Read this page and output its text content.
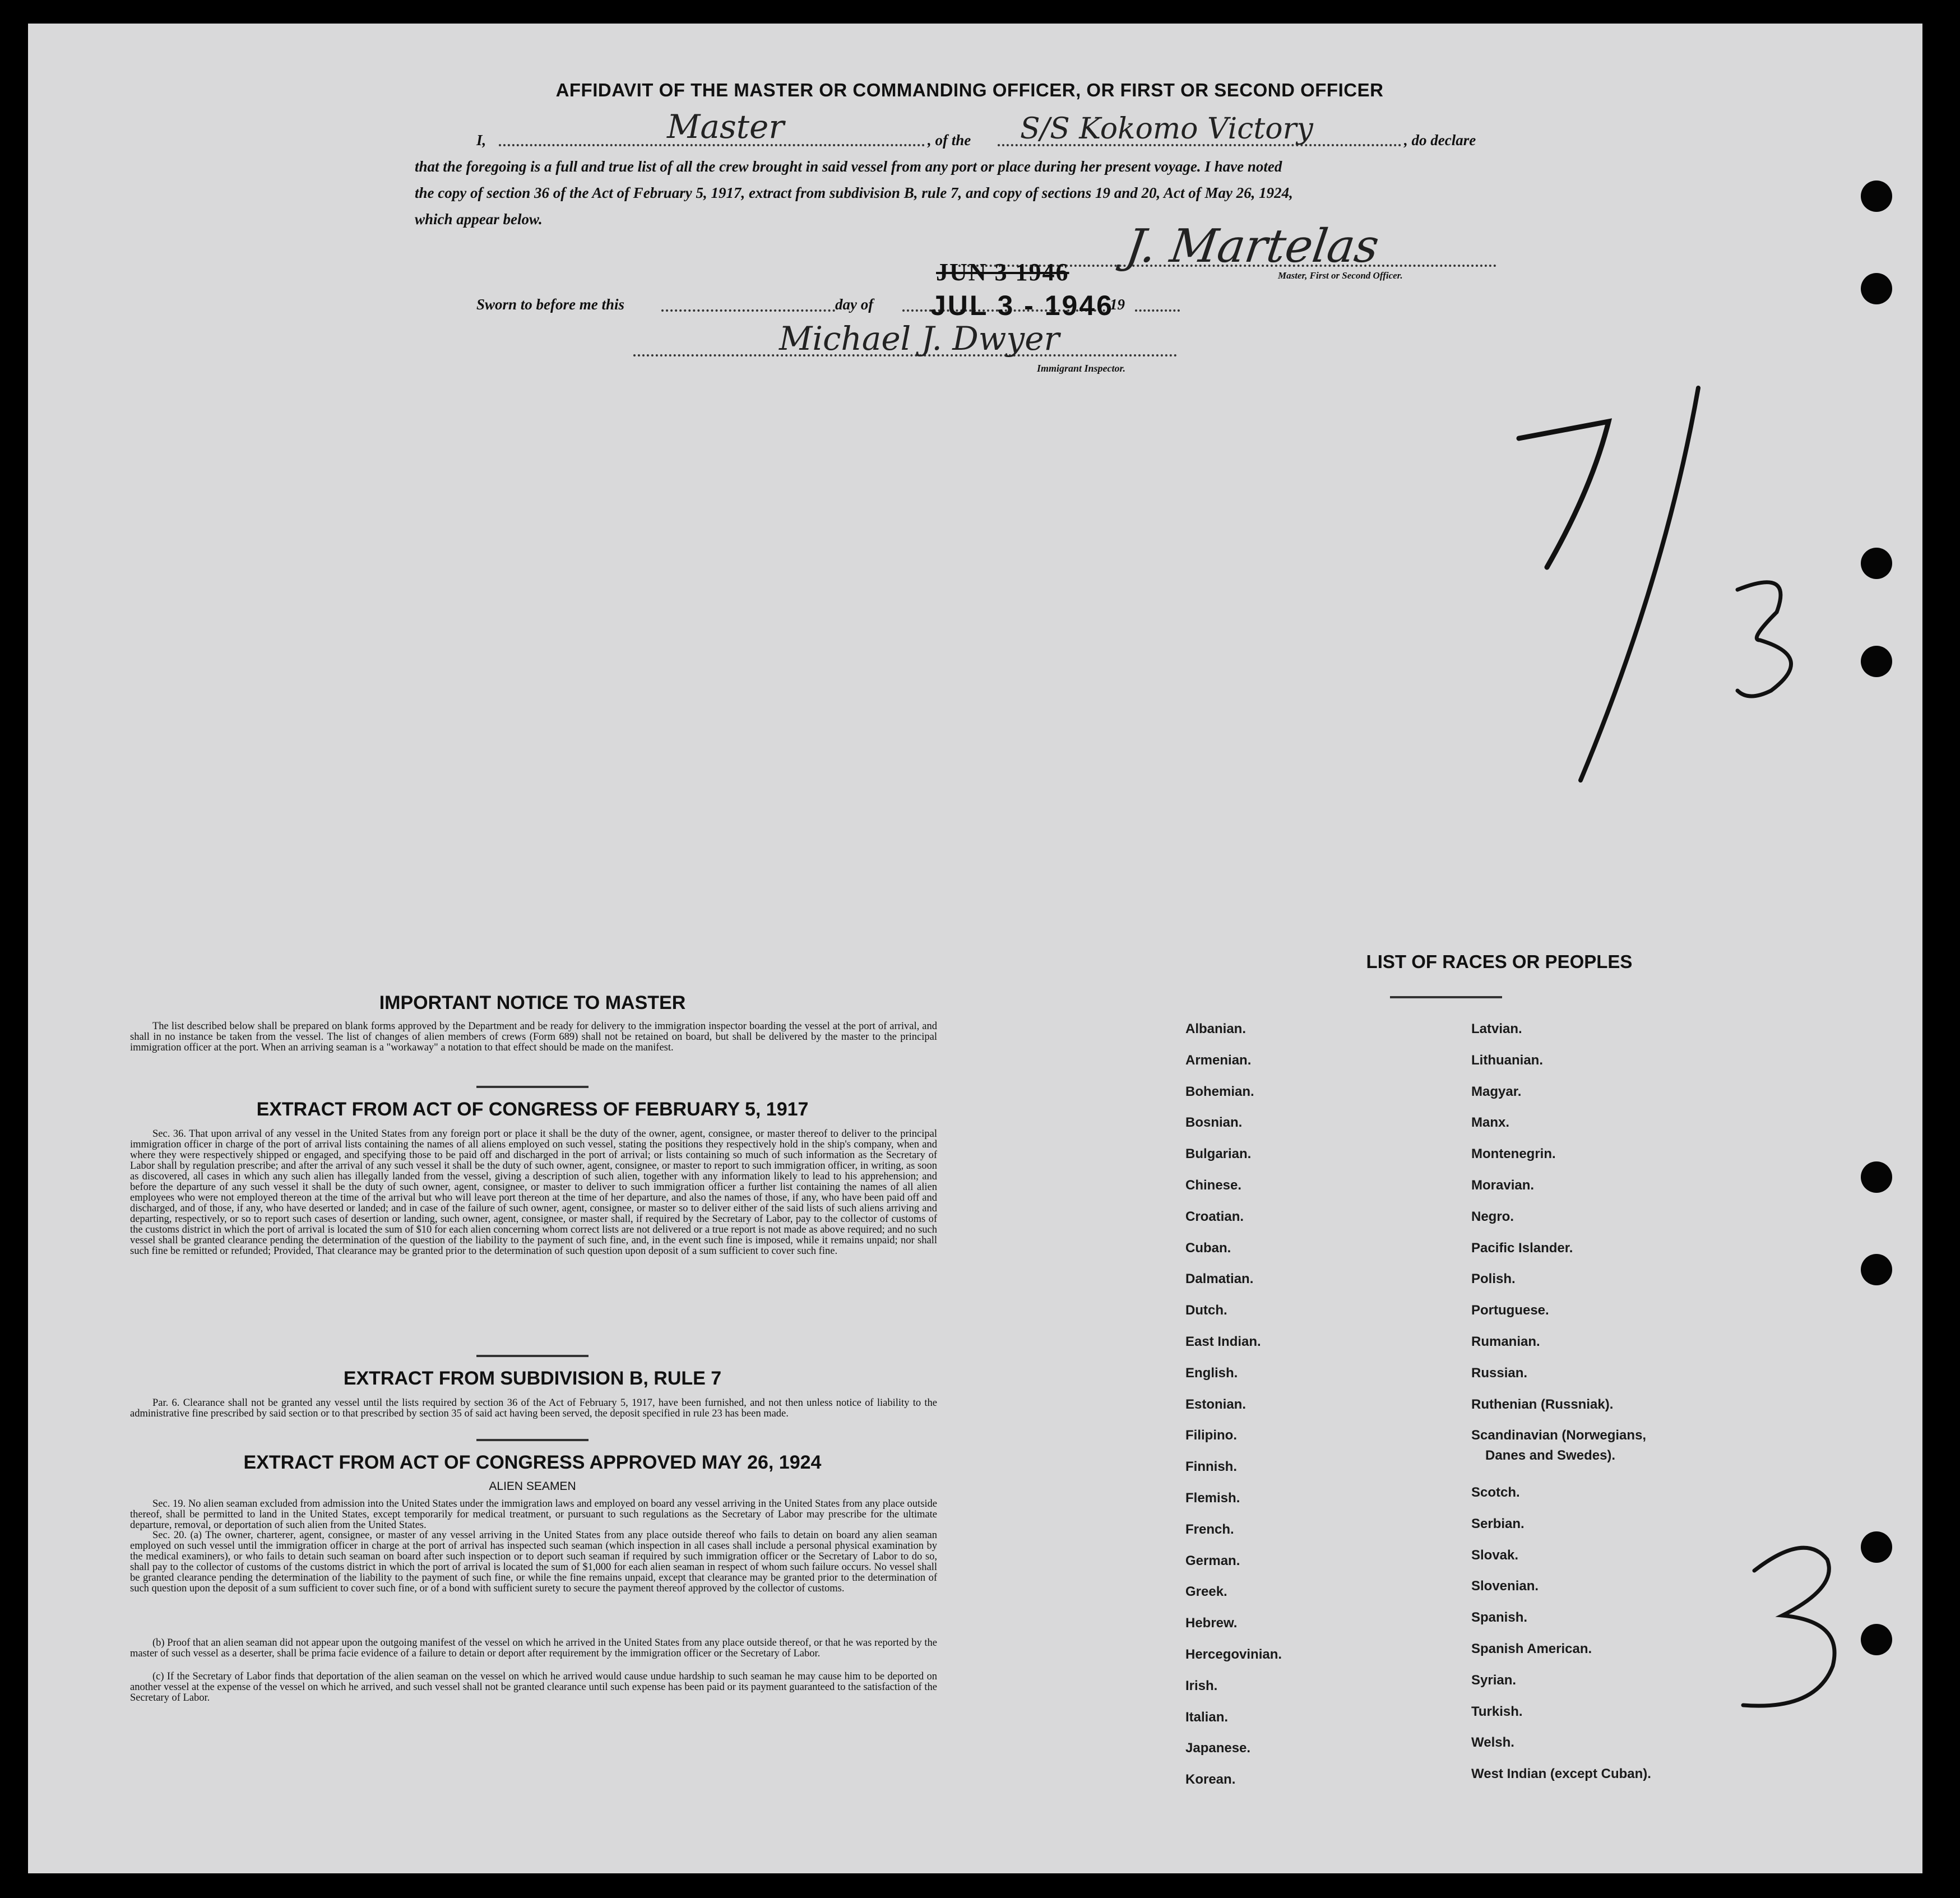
AFFIDAVIT OF THE MASTER OR COMMANDING OFFICER, OR FIRST OR SECOND OFFICER
I,	Master	, of the S/S Kokomo Victory	, do declare
that the foregoing is a full and true list of all the crew brought in said vessel from any port or place during her present voyage. I have noted
the copy of section 36 of the Act of February 5, 1917, extract from subdivision B, rule 7, and copy of sections 19 and 20, Act of May 26, 1924,
which appear below.
J. Martelas
Master, First or Second Officer.
JUN 3 1946
Sworn to before me this	day of	19
JUL 3 - 1946
Michael J. Dwyer
Immigrant Inspector.
IMPORTANT NOTICE TO MASTER
The list described below shall be prepared on blank forms approved by the Department and be ready for delivery to the immigration inspector boarding the vessel at the port of arrival, and shall in no instance be taken from the vessel. The list of changes of alien members of crews (Form 689) shall not be retained on board, but shall be delivered by the master to the principal immigration officer at the port. When an arriving seaman is a "workaway" a notation to that effect should be made on the manifest.
EXTRACT FROM ACT OF CONGRESS OF FEBRUARY 5, 1917
Sec. 36. That upon arrival of any vessel in the United States from any foreign port or place it shall be the duty of the owner, agent, consignee, or master thereof to deliver to the principal immigration officer in charge of the port of arrival lists containing the names of all aliens employed on such vessel, stating the positions they respectively hold in the ship's company, when and where they were respectively shipped or engaged, and specifying those to be paid off and discharged in the port of arrival; or lists containing so much of such information as the Secretary of Labor shall by regulation prescribe; and after the arrival of any such vessel it shall be the duty of such owner, agent, consignee, or master to report to such immigration officer, in writing, as soon as discovered, all cases in which any such alien has illegally landed from the vessel, giving a description of such alien, together with any information likely to lead to his apprehension; and before the departure of any such vessel it shall be the duty of such owner, agent, consignee, or master to deliver to such immigration officer a further list containing the names of all alien employees who were not employed thereon at the time of the arrival but who will leave port thereon at the time of her departure, and also the names of those, if any, who have been paid off and discharged, and of those, if any, who have deserted or landed; and in case of the failure of such owner, agent, consignee, or master so to deliver either of the said lists of such aliens arriving and departing, respectively, or so to report such cases of desertion or landing, such owner, agent, consignee, or master shall, if required by the Secretary of Labor, pay to the collector of customs of the customs district in which the port of arrival is located the sum of $10 for each alien concerning whom correct lists are not delivered or a true report is not made as above required; and no such vessel shall be granted clearance pending the determination of the question of the liability to the payment of such fine, and, in the event such fine is imposed, while it remains unpaid; nor shall such fine be remitted or refunded; Provided, That clearance may be granted prior to the determination of such question upon deposit of a sum sufficient to cover such fine.
EXTRACT FROM SUBDIVISION B, RULE 7
Par. 6. Clearance shall not be granted any vessel until the lists required by section 36 of the Act of February 5, 1917, have been furnished, and not then unless notice of liability to the administrative fine prescribed by said section or to that prescribed by section 35 of said act having been served, the deposit specified in rule 23 has been made.
EXTRACT FROM ACT OF CONGRESS APPROVED MAY 26, 1924
ALIEN SEAMEN
Sec. 19. No alien seaman excluded from admission into the United States under the immigration laws and employed on board any vessel arriving in the United States from any place outside thereof, shall be permitted to land in the United States, except temporarily for medical treatment, or pursuant to such regulations as the Secretary of Labor may prescribe for the ultimate departure, removal, or deportation of such alien from the United States.
Sec. 20. (a) The owner, charterer, agent, consignee, or master of any vessel arriving in the United States from any place outside thereof who fails to detain on board any alien seaman employed on such vessel until the immigration officer in charge at the port of arrival has inspected such seaman (which inspection in all cases shall include a personal physical examination by the medical examiners), or who fails to detain such seaman on board after such inspection or to deport such seaman if required by such immigration officer or the Secretary of Labor to do so, shall pay to the collector of customs of the customs district in which the port of arrival is located the sum of $1,000 for each alien seaman in respect of whom such failure occurs. No vessel shall be granted clearance pending the determination of the liability to the payment of such fine, or while the fine remains unpaid, except that clearance may be granted prior to the determination of such question upon the deposit of a sum sufficient to cover such fine, or of a bond with sufficient surety to secure the payment thereof approved by the collector of customs.
(b) Proof that an alien seaman did not appear upon the outgoing manifest of the vessel on which he arrived in the United States from any place outside thereof, or that he was reported by the master of such vessel as a deserter, shall be prima facie evidence of a failure to detain or deport after requirement by the immigration officer or the Secretary of Labor.
(c) If the Secretary of Labor finds that deportation of the alien seaman on the vessel on which he arrived would cause undue hardship to such seaman he may cause him to be deported on another vessel at the expense of the vessel on which he arrived, and such vessel shall not be granted clearance until such expense has been paid or its payment guaranteed to the satisfaction of the Secretary of Labor.
LIST OF RACES OR PEOPLES
Albanian.
Armenian.
Bohemian.
Bosnian.
Bulgarian.
Chinese.
Croatian.
Cuban.
Dalmatian.
Dutch.
East Indian.
English.
Estonian.
Filipino.
Finnish.
Flemish.
French.
German.
Greek.
Hebrew.
Hercegovinian.
Irish.
Italian.
Japanese.
Korean.
Latvian.
Lithuanian.
Magyar.
Manx.
Montenegrin.
Moravian.
Negro.
Pacific Islander.
Polish.
Portuguese.
Rumanian.
Russian.
Ruthenian (Russniak).
Scandinavian (Norwegians,
Danes and Swedes).
Scotch.
Serbian.
Slovak.
Slovenian.
Spanish.
Spanish American.
Syrian.
Turkish.
Welsh.
West Indian (except Cuban).
